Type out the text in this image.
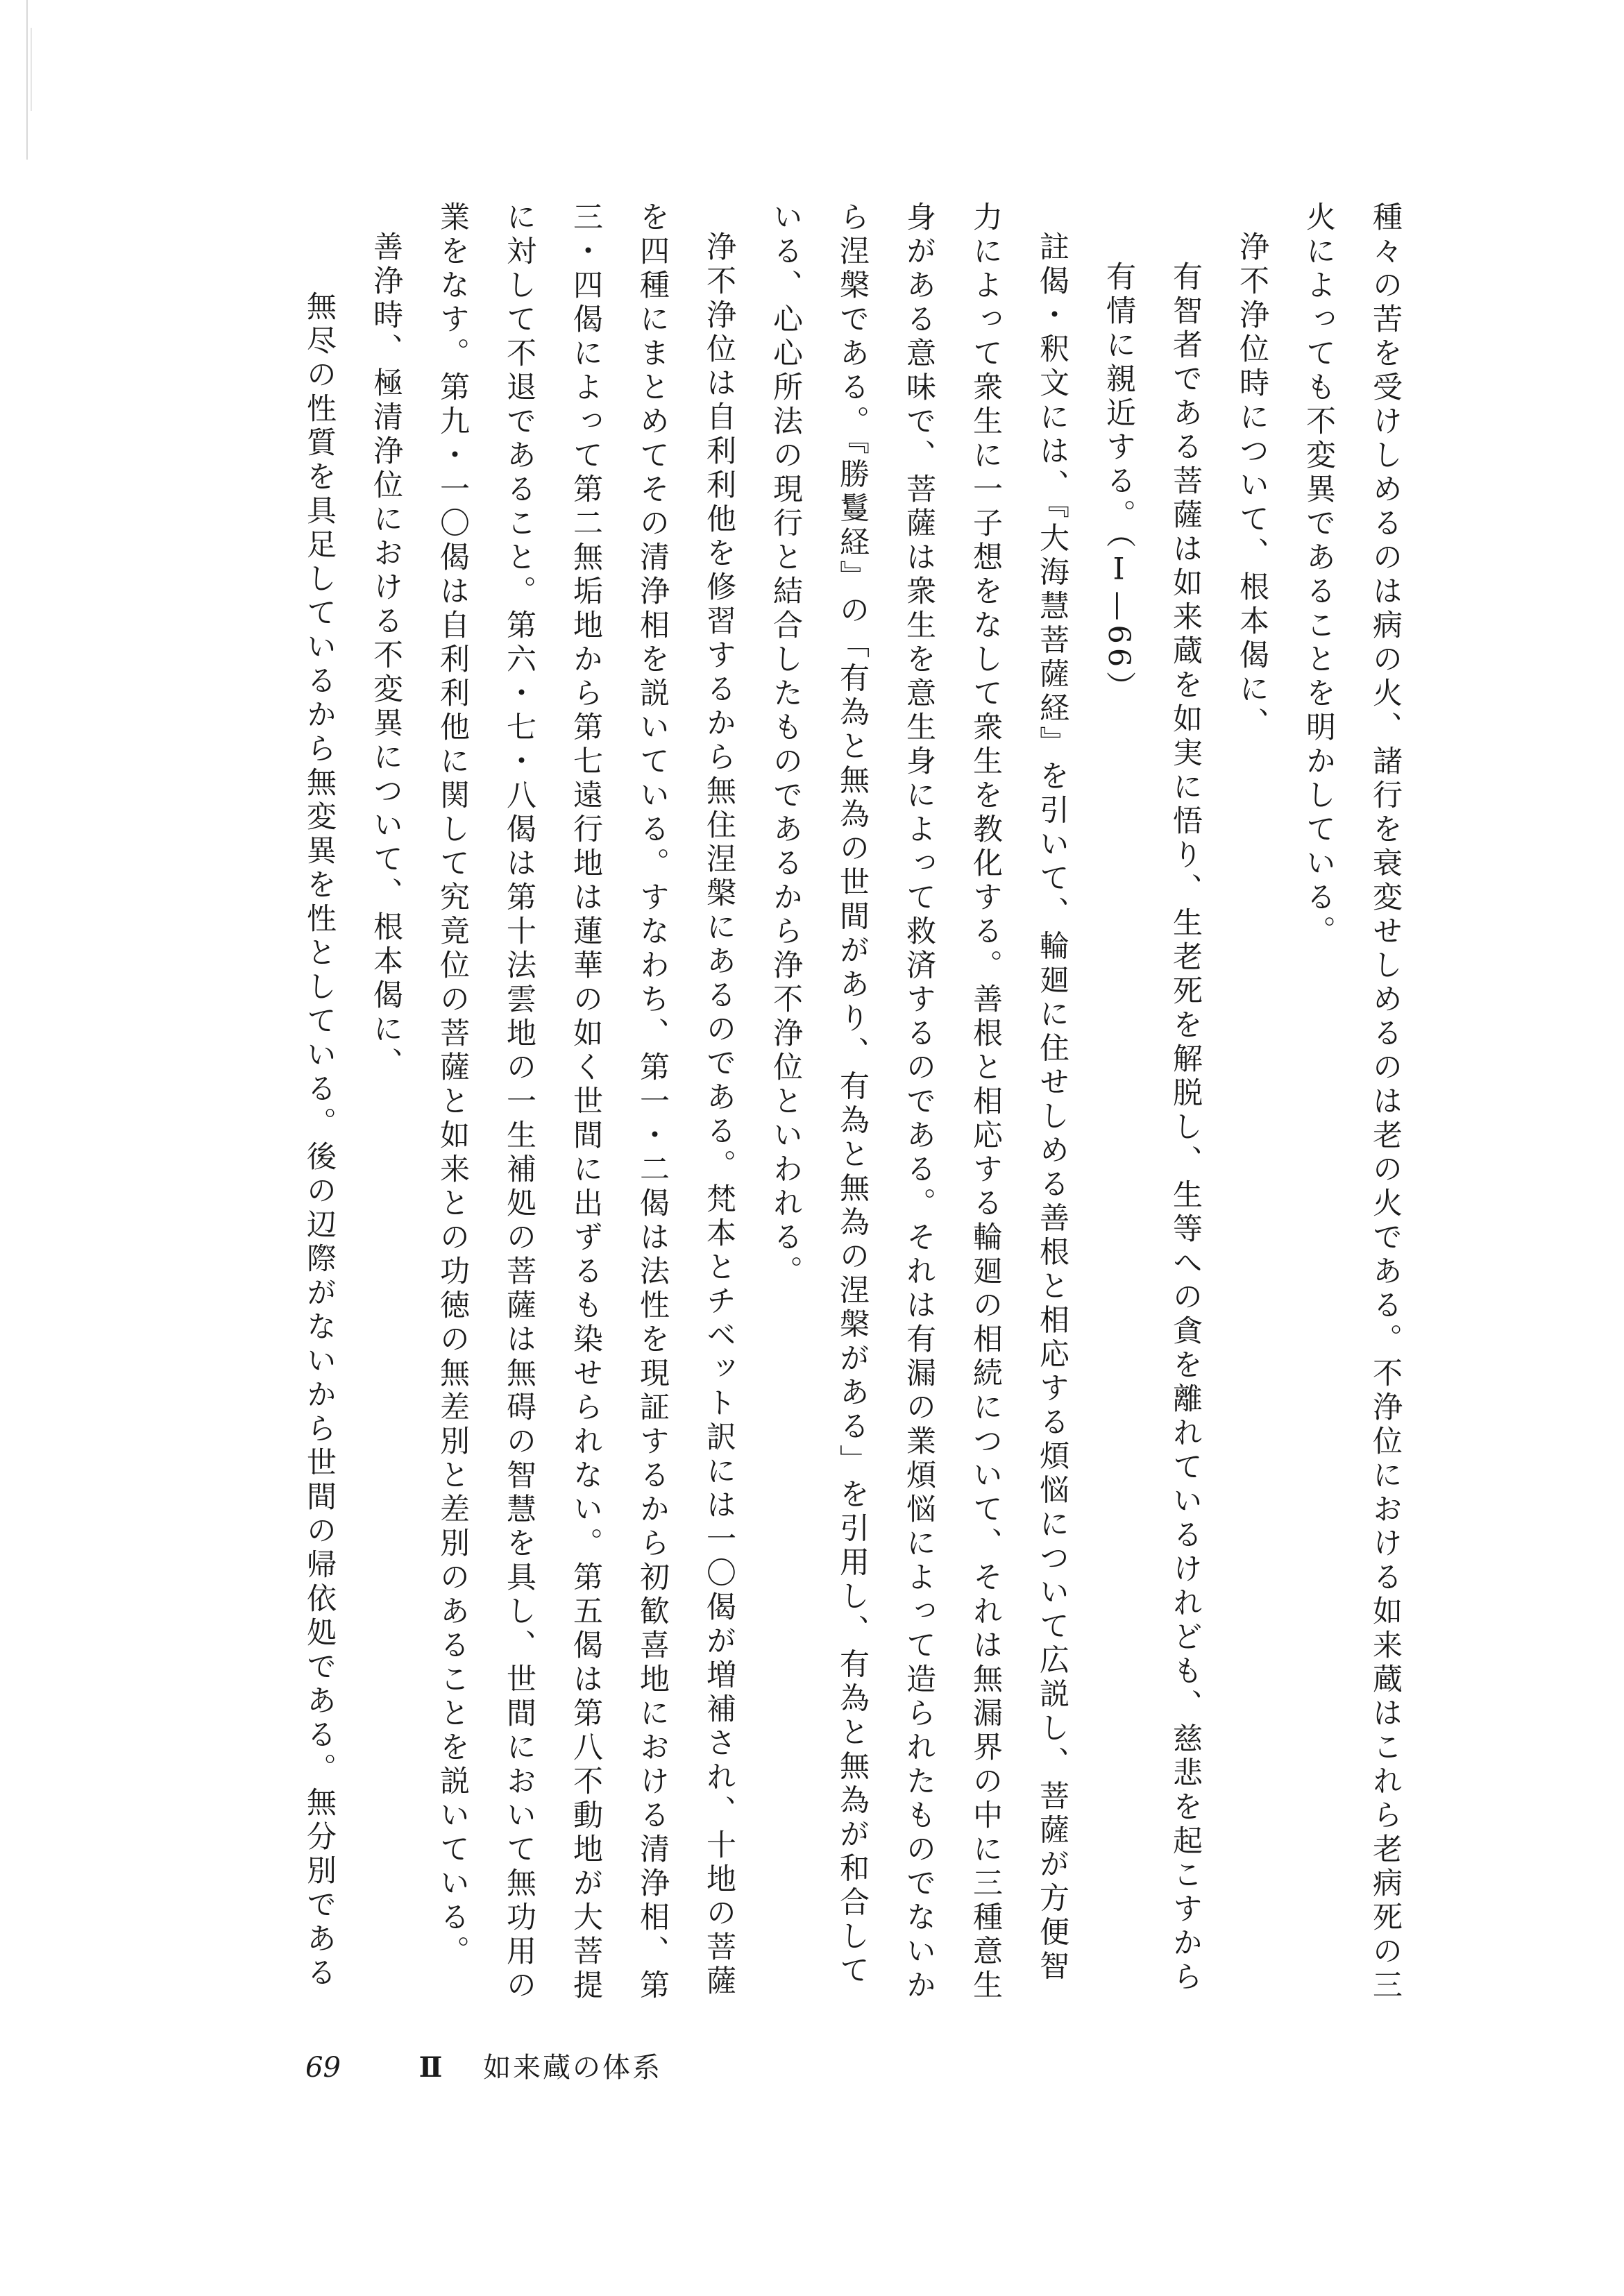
種々の苦を受けしめるのは病の火、諸行を衰変せしめるのは老の火である。不浄位における如来蔵はこれら老病死の三火によっても不変異であることを明かしている。

浄不浄位時について、根本偈に、

有智者である菩薩は如来蔵を如実に悟り、生老死を解脱し、生等への貪を離れているけれども、慈悲を起こすから有情に親近する。（Ⅰ—66）

註偈・釈文には、『大海慧菩薩経』を引いて、輪廻に住せしめる善根と相応する煩悩について広説し、菩薩が方便智力によって衆生に一子想をなして衆生を教化する。善根と相応する輪廻の相続について、それは無漏界の中に三種意生身がある意味で、菩薩は衆生を意生身によって救済するのである。それは有漏の業煩悩によって造られたものでないから涅槃である。『勝鬘経』の「有為と無為の世間があり、有為と無為の涅槃がある」を引用し、有為と無為が和合している、心心所法の現行と結合したものであるから浄不浄位といわれる。

浄不浄位は自利利他を修習するから無住涅槃にあるのである。梵本とチベット訳には一〇偈が増補され、十地の菩薩を四種にまとめてその清浄相を説いている。すなわち、第一・二偈は法性を現証するから初歓喜地における清浄相、第三・四偈によって第二無垢地から第七遠行地は蓮華の如く世間に出ずるも染せられない。第五偈は第八不動地が大菩提に対して不退であること。第六・七・八偈は第十法雲地の一生補処の菩薩は無碍の智慧を具し、世間において無功用の業をなす。第九・一〇偈は自利利他に関して究竟位の菩薩と如来との功徳の無差別と差別のあることを説いている。

善浄時、極清浄位における不変異について、根本偈に、

無尽の性質を具足しているから無変異を性としている。後の辺際がないから世間の帰依処である。無分別である

69	Ⅱ 如来蔵の体系
